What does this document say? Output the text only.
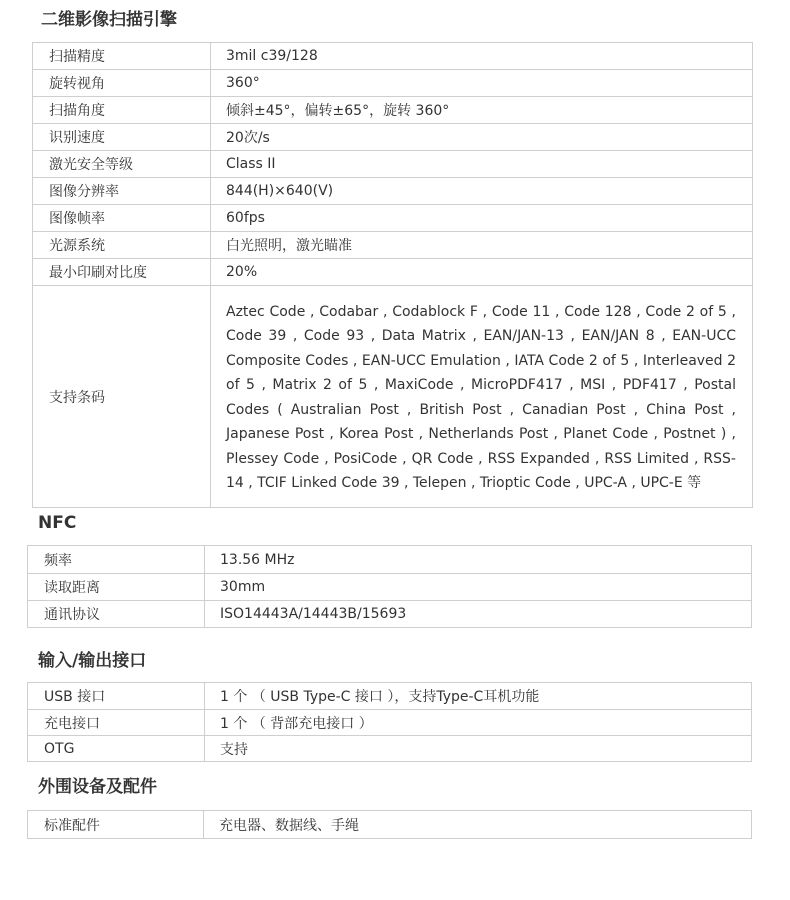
二维影像扫描引擎
扫描精度	3mil c39/128
旋转视角	360°
扫描角度	倾斜±45°，偏转±65°，旋转 360°
识别速度	20次/s
激光安全等级	Class II
图像分辨率	844(H)×640(V)
图像帧率	60fps
光源系统	白光照明，激光瞄准
最小印刷对比度	20%
支持条码	Aztec Code , Codabar , Codablock F , Code 11 , Code 128 , Code 2 of 5 , Code 39 , Code 93 , Data Matrix , EAN/JAN-13 , EAN/JAN 8 , EAN-UCC Composite Codes , EAN-UCC Emulation , IATA Code 2 of 5 , Interleaved 2 of 5 , Matrix 2 of 5 , MaxiCode , MicroPDF417 , MSI , PDF417 , Postal Codes ( Australian Post , British Post , Canadian Post , China Post , Japanese Post , Korea Post , Netherlands Post , Planet Code , Postnet ) , Plessey Code , PosiCode , QR Code , RSS Expanded , RSS Limited , RSS-14 , TCIF Linked Code 39 , Telepen , Trioptic Code , UPC-A , UPC-E 等
NFC
频率	13.56 MHz
读取距离	30mm
通讯协议	ISO14443A/14443B/15693
输入/输出接口
USB 接口	1 个 （ USB Type-C 接口 ），支持Type-C耳机功能
充电接口	1 个 （ 背部充电接口 ）
OTG	支持
外围设备及配件
标准配件	充电器、数据线、手绳
